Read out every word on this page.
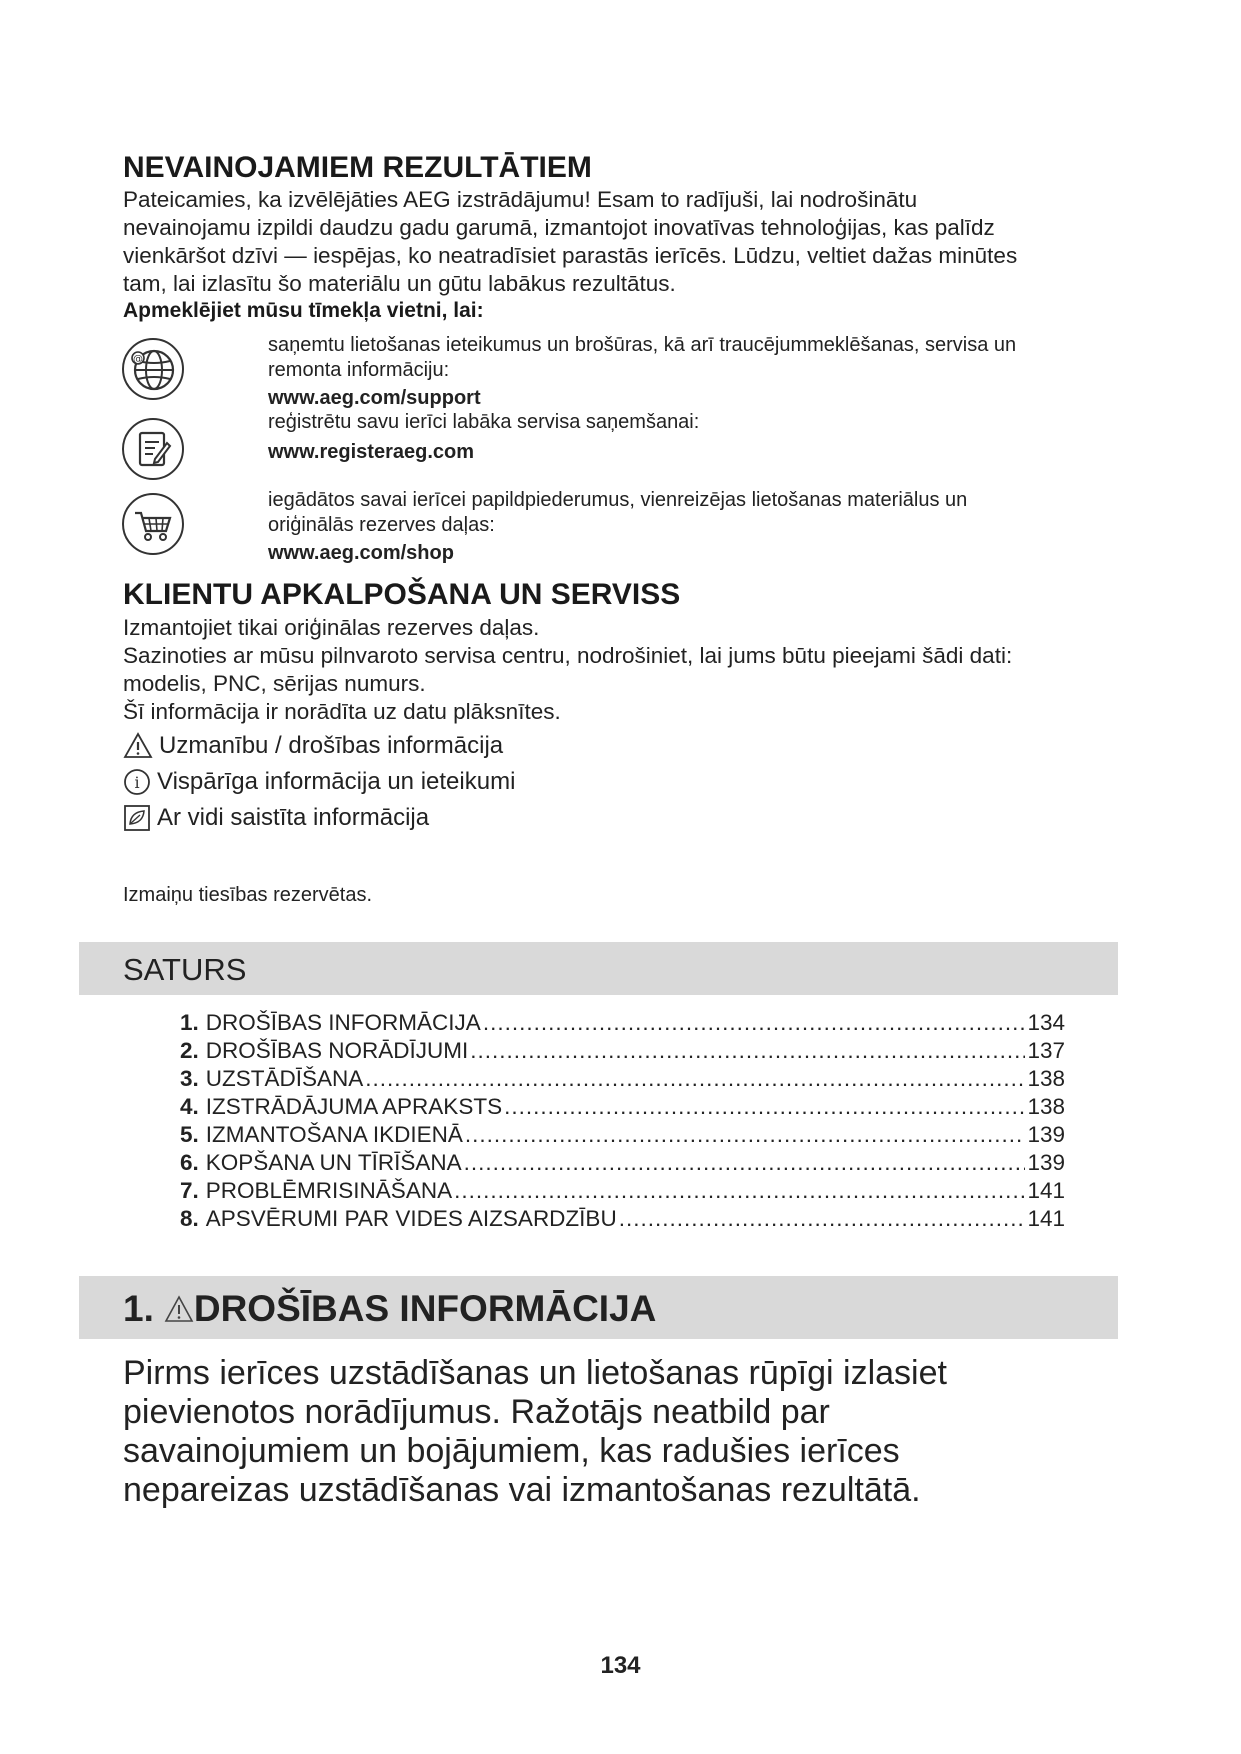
NEVAINOJAMIEM REZULTĀTIEM
Pateicamies, ka izvēlējāties AEG izstrādājumu! Esam to radījuši, lai nodrošinātu
nevainojamu izpildi daudzu gadu garumā, izmantojot inovatīvas tehnoloģijas, kas palīdz
vienkāršot dzīvi — iespējas, ko neatradīsiet parastās ierīcēs. Lūdzu, veltiet dažas minūtes
tam, lai izlasītu šo materiālu un gūtu labākus rezultātus.
Apmeklējiet mūsu tīmekļa vietni, lai:
@
saņemtu lietošanas ieteikumus un brošūras, kā arī traucējummeklēšanas, servisa un
remonta informāciju:
www.aeg.com/support
reģistrētu savu ierīci labāka servisa saņemšanai:
www.registeraeg.com
iegādātos savai ierīcei papildpiederumus, vienreizējas lietošanas materiālus un
oriģinālās rezerves daļas:
www.aeg.com/shop
KLIENTU APKALPOŠANA UN SERVISS
Izmantojiet tikai oriģinālas rezerves daļas.
Sazinoties ar mūsu pilnvaroto servisa centru, nodrošiniet, lai jums būtu pieejami šādi dati:
modelis, PNC, sērijas numurs.
Šī informācija ir norādīta uz datu plāksnītes.
Uzmanību / drošības informācija
i Vispārīga informācija un ieteikumi
Ar vidi saistīta informācija
Izmaiņu tiesības rezervētas.
SATURS
1. DROŠĪBAS INFORMĀCIJA .....	134
2. DROŠĪBAS NORĀDĪJUMI .....	137
3. UZSTĀDĪŠANA .....	138
4. IZSTRĀDĀJUMA APRAKSTS .....	138
5. IZMANTOŠANA IKDIENĀ .....	139
6. KOPŠANA UN TĪRĪŠANA .....	139
7. PROBLĒMRISINĀŠANA .....	141
8. APSVĒRUMI PAR VIDES AIZSARDZĪBU .....	141
1. DROŠĪBAS INFORMĀCIJA
Pirms ierīces uzstādīšanas un lietošanas rūpīgi izlasiet
pievienotos norādījumus. Ražotājs neatbild par
savainojumiem un bojājumiem, kas radušies ierīces
nepareizas uzstādīšanas vai izmantošanas rezultātā.
134
